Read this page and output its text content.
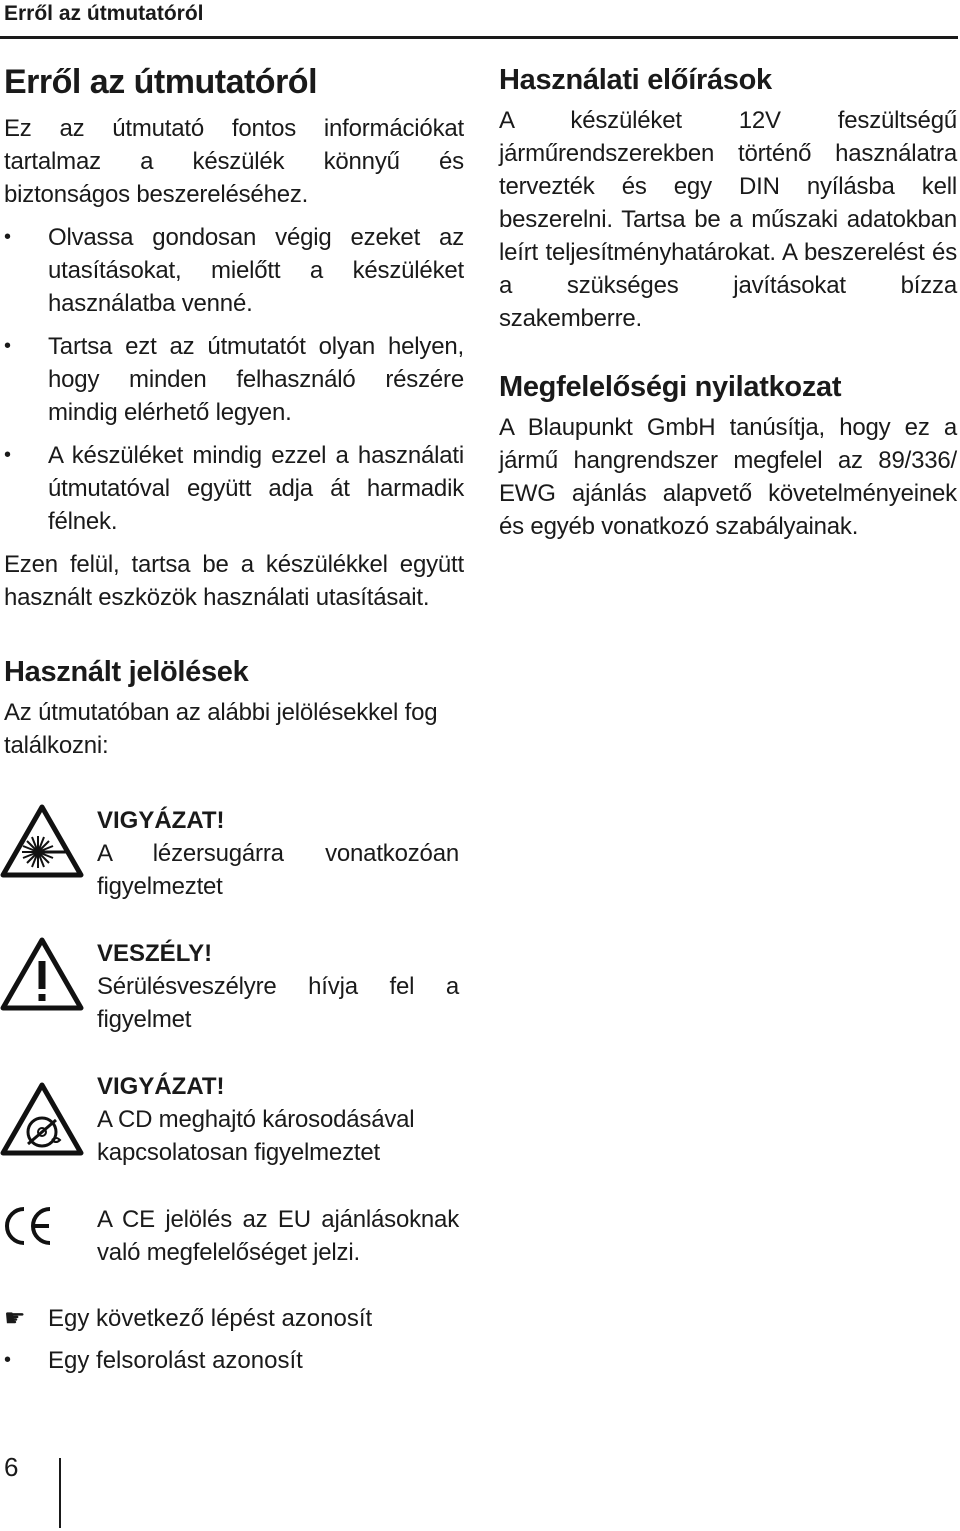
Erről az útmutatóról
Erről az útmutatóról

Ez az útmutató fontos információkat tartalmaz a készülék könnyű és biztonságos beszereléséhez.

• Olvassa gondosan végig ezeket az utasításokat, mielőtt a készüléket használatba venné.
• Tartsa ezt az útmutatót olyan helyen, hogy minden felhasználó részére mindig elérhető legyen.
• A készüléket mindig ezzel a használati útmutatóval együtt adja át harmadik félnek.

Ezen felül, tartsa be a készülékkel együtt használt eszközök használati utasításait.

Használt jelölések

Az útmutatóban az alábbi jelölésekkel fog találkozni:

VIGYÁZAT!
A lézersugárra vonatkozóan figyelmeztet
VESZÉLY!
Sérülésveszélyre hívja fel a figyelmet
VIGYÁZAT!
A CD meghajtó károsodásával kapcsolatosan figyelmeztet
A CE jelölés az EU ajánlásoknak való megfelelőséget jelzi.
☛ Egy következő lépést azonosít
• Egy felsorolást azonosít
Használati előírások

A készüléket 12V feszültségű járműrendszerekben történő használatra tervezték és egy DIN nyílásba kell beszerelni. Tartsa be a műszaki adatokban leírt teljesítményhatárokat. A beszerelést és a szükséges javításokat bízza szakemberre.

Megfelelőségi nyilatkozat

A Blaupunkt GmbH tanúsítja, hogy ez a jármű hangrendszer megfelel az 89/336/ EWG ajánlás alapvető követelményeinek és egyéb vonatkozó szabályainak.

6
